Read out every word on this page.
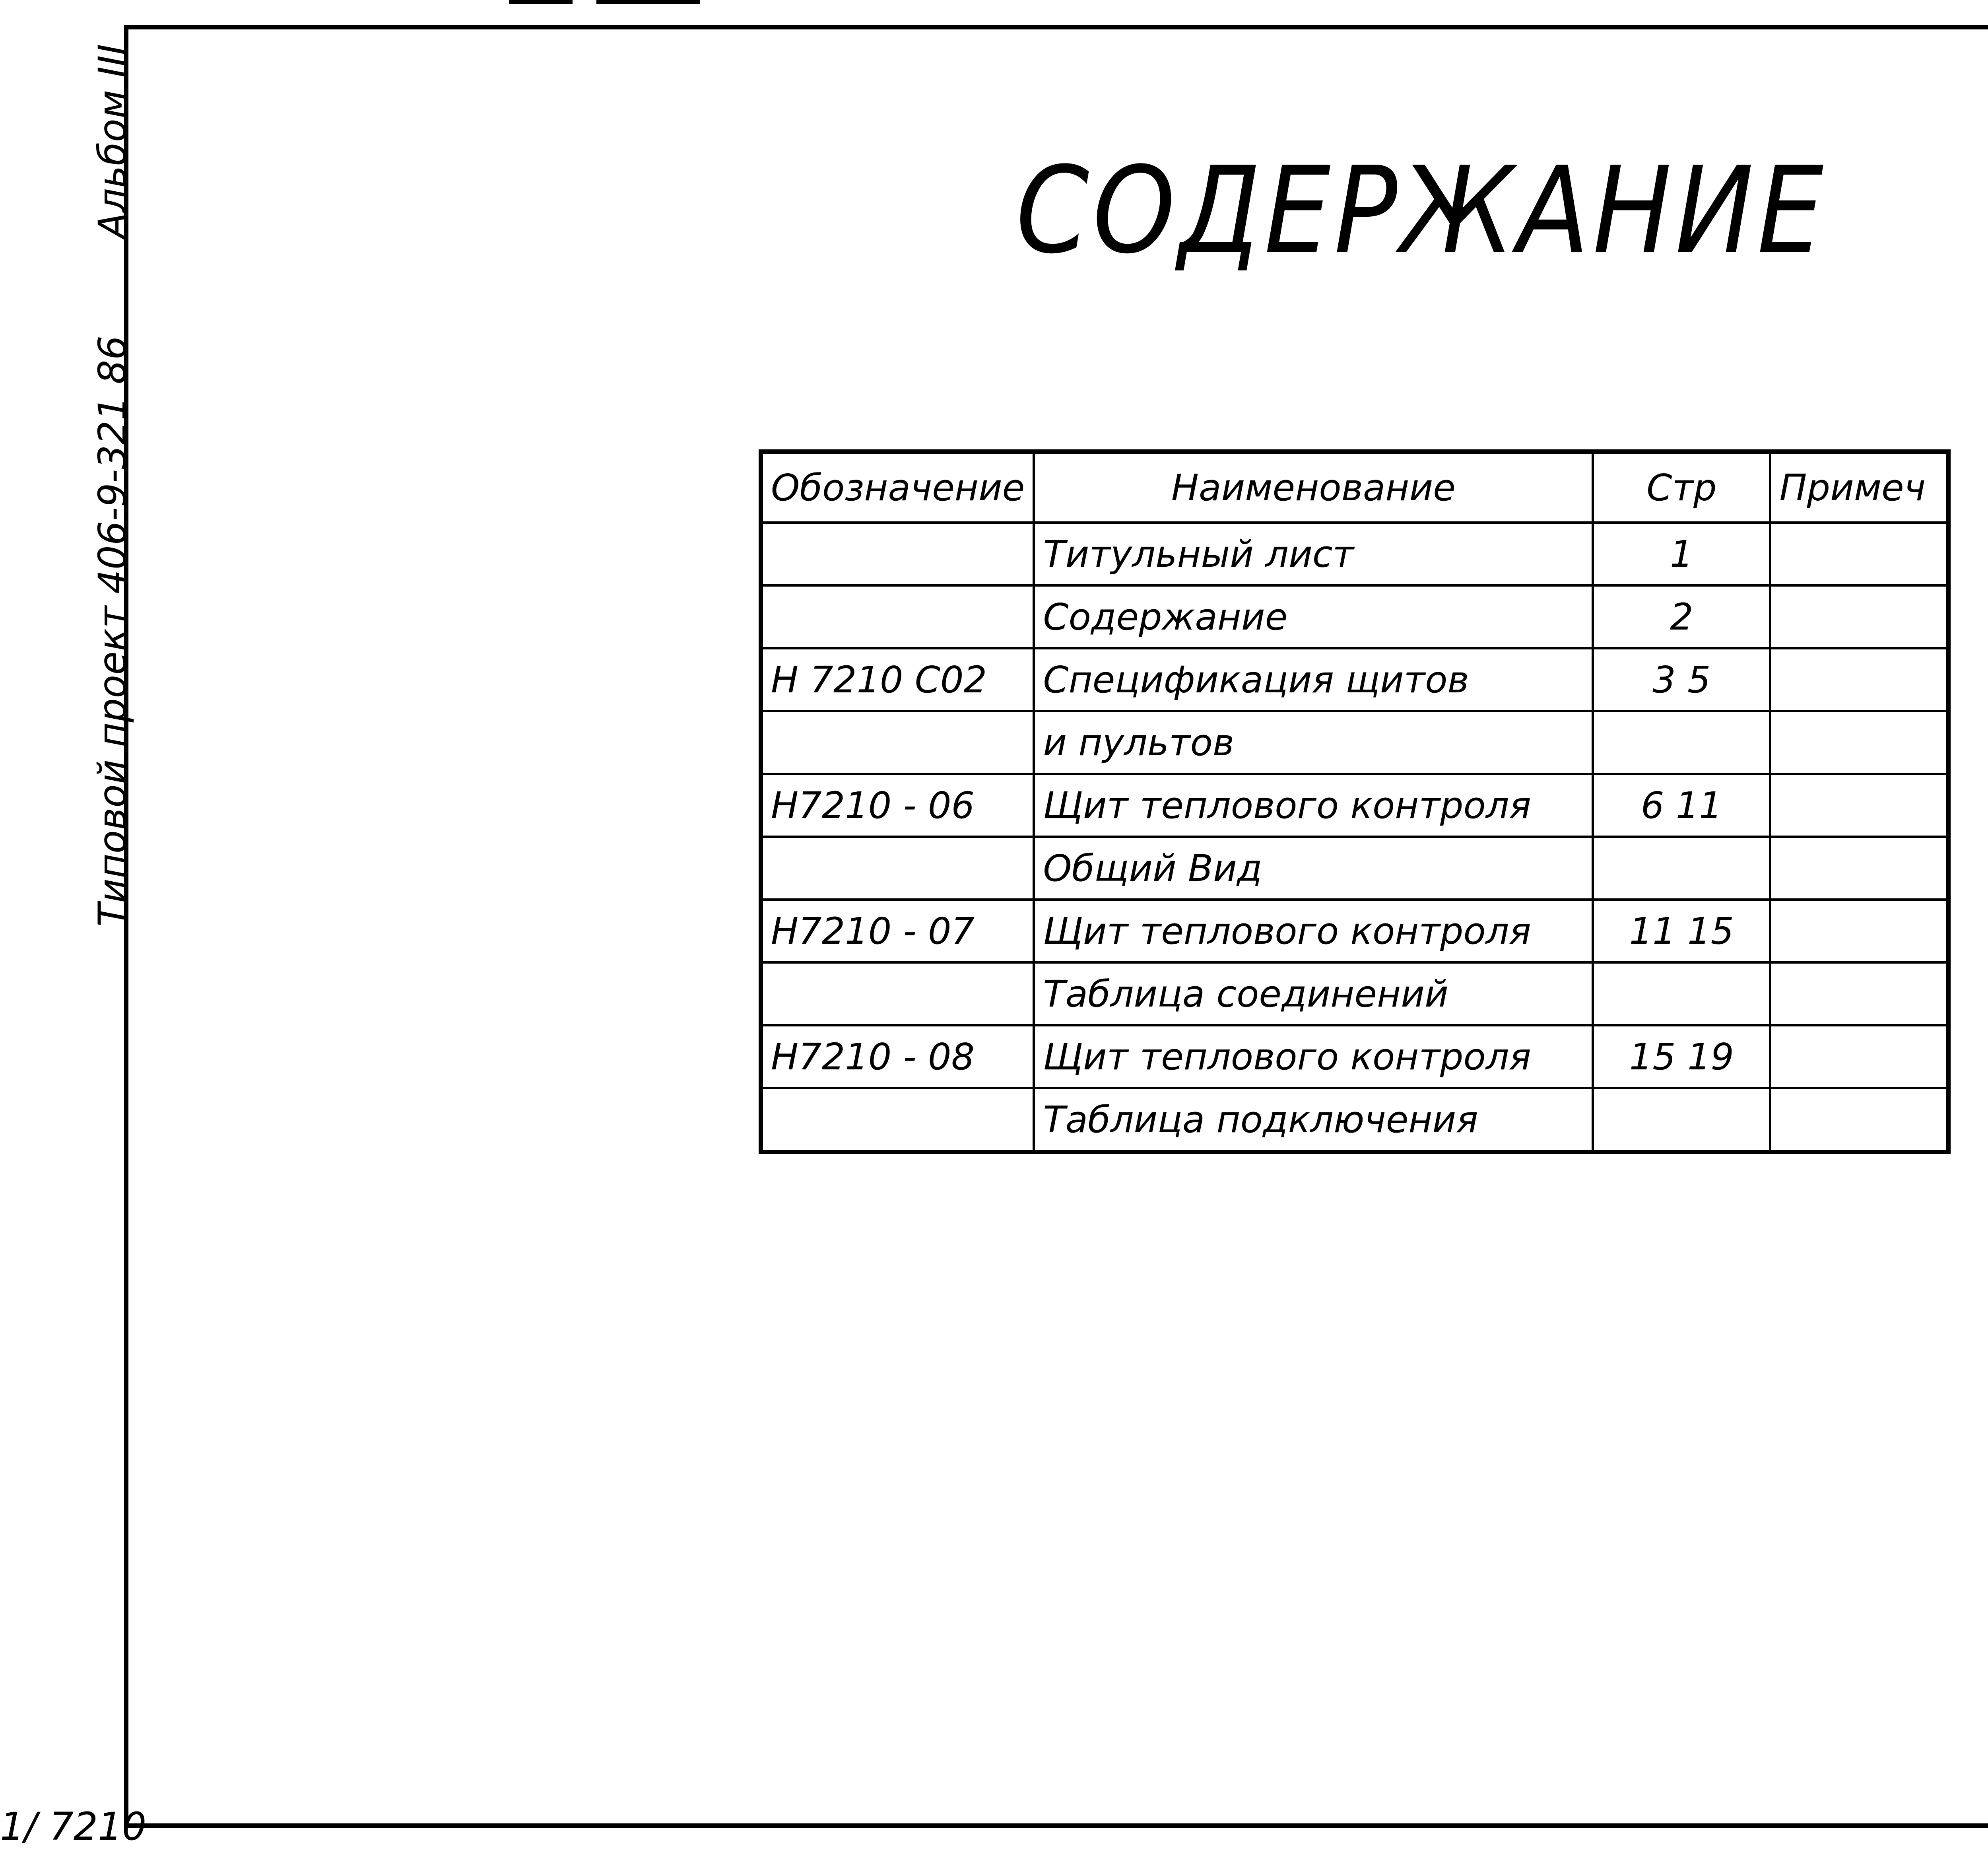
Альбом III
Типовой проект 406-9-321 86
1/ 7210
СОДЕРЖАНИЕ
Обозначение	Наименование	Стр	Примеч
	Титульный лист	1	
	Содержание	2	
Н 7210 С02	Спецификация щитов	3 5	
	и пультов		
Н7210 - 06	Щит теплового контроля	6 11	
	Общий Вид		
Н7210 - 07	Щит теплового контроля	11 15	
	Таблица соединений		
Н7210 - 08	Щит теплового контроля	15 19	
	Таблица подключения		
